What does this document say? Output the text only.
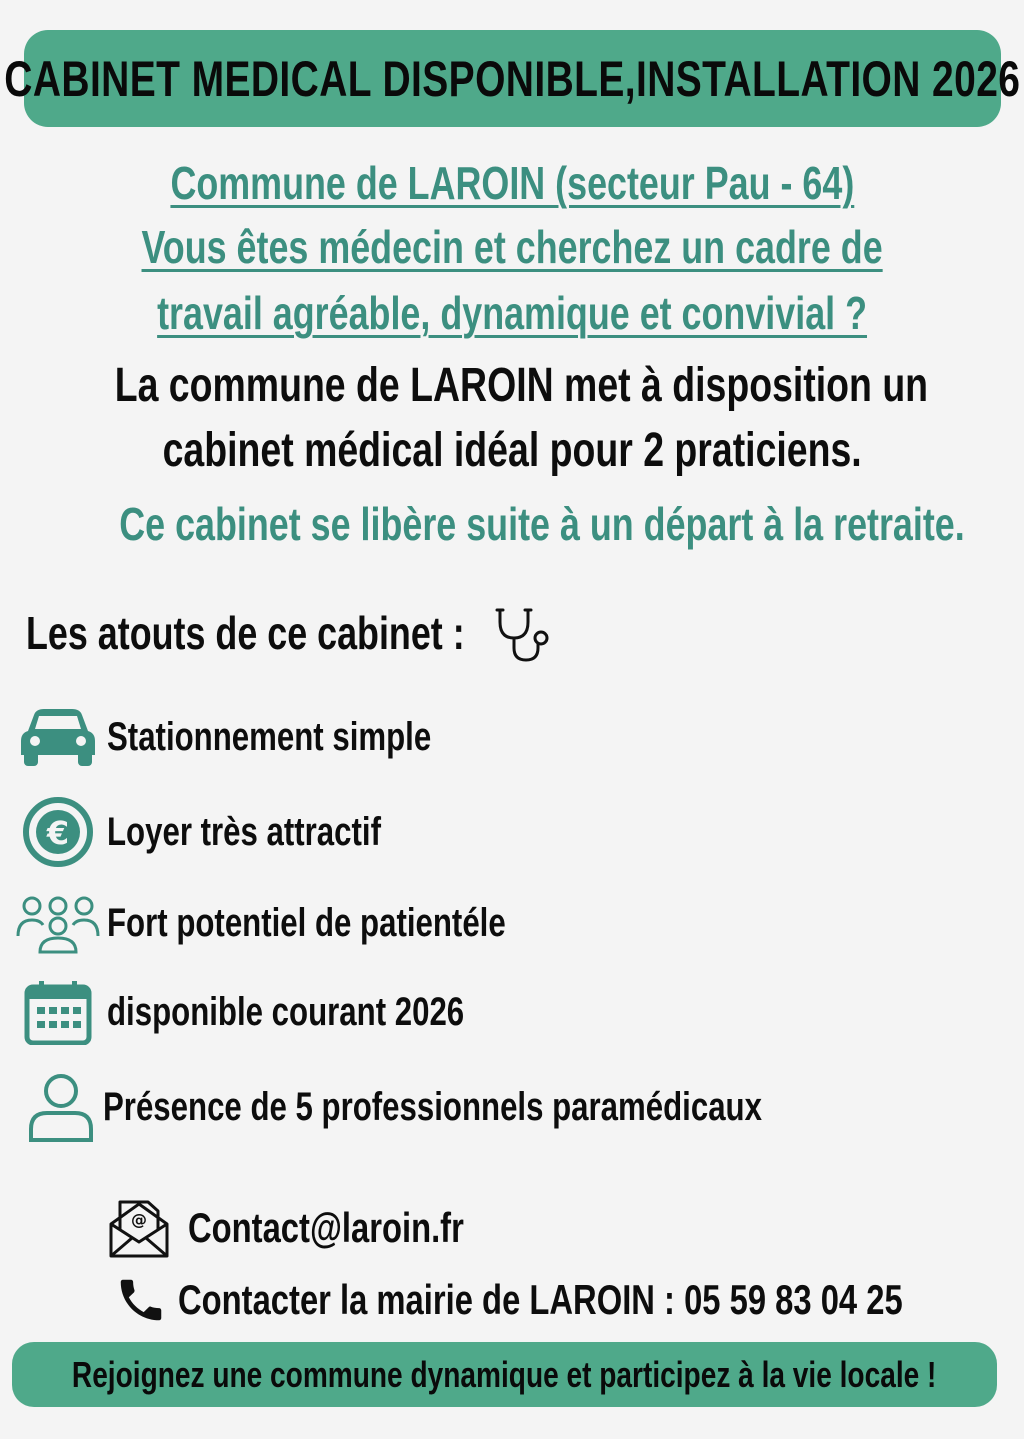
CABINET MEDICAL DISPONIBLE,INSTALLATION 2026
Commune de LAROIN (secteur Pau - 64)
Vous êtes médecin et cherchez un cadre de
travail agréable, dynamique et convivial ?
La commune de LAROIN met à disposition un
cabinet médical idéal pour 2 praticiens.
Ce cabinet se libère suite à un départ à la retraite.
Les atouts de ce cabinet :
Stationnement simple
€ Loyer très attractif
Fort potentiel de patientéle
disponible courant 2026
Présence de 5 professionnels paramédicaux
@ Contact@laroin.fr
Contacter la mairie de LAROIN : 05 59 83 04 25
Rejoignez une commune dynamique et participez à la vie locale !
